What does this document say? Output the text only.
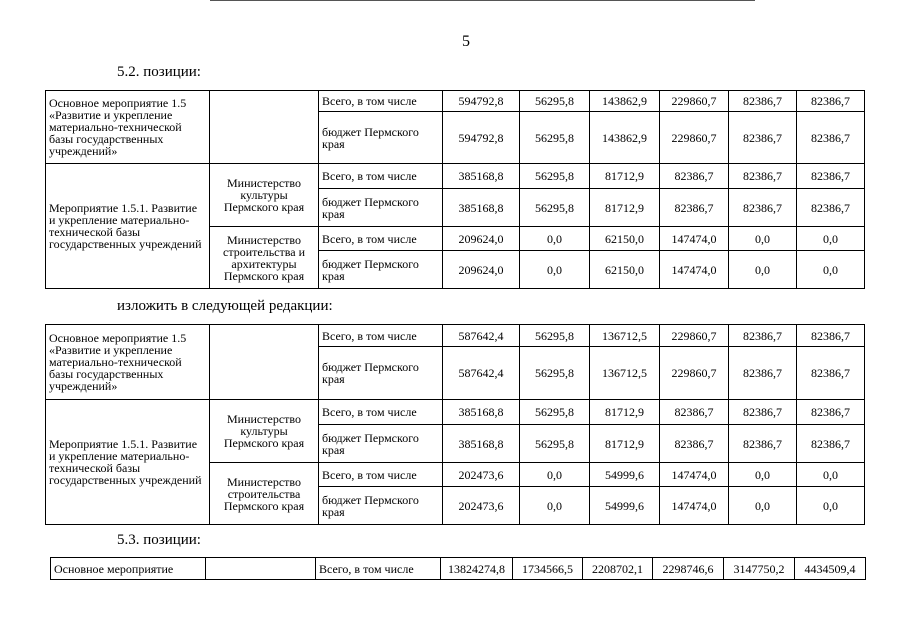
5
5.2. позиции:
Основное мероприятие 1.5 «Развитие и укрепление материально-технической базы государственных учреждений»		Всего, в том числе	594792,8	56295,8	143862,9	229860,7	82386,7	82386,7
		бюджет Пермского края	594792,8	56295,8	143862,9	229860,7	82386,7	82386,7
Мероприятие 1.5.1. Развитие и укрепление материально-технической базы государственных учреждений	Министерство культуры Пермского края	Всего, в том числе	385168,8	56295,8	81712,9	82386,7	82386,7	82386,7
		бюджет Пермского края	385168,8	56295,8	81712,9	82386,7	82386,7	82386,7
	Министерство строительства и архитектуры Пермского края	Всего, в том числе	209624,0	0,0	62150,0	147474,0	0,0	0,0
		бюджет Пермского края	209624,0	0,0	62150,0	147474,0	0,0	0,0
изложить в следующей редакции:
Основное мероприятие 1.5 «Развитие и укрепление материально-технической базы государственных учреждений»		Всего, в том числе	587642,4	56295,8	136712,5	229860,7	82386,7	82386,7
		бюджет Пермского края	587642,4	56295,8	136712,5	229860,7	82386,7	82386,7
Мероприятие 1.5.1. Развитие и укрепление материально-технической базы государственных учреждений	Министерство культуры Пермского края	Всего, в том числе	385168,8	56295,8	81712,9	82386,7	82386,7	82386,7
		бюджет Пермского края	385168,8	56295,8	81712,9	82386,7	82386,7	82386,7
	Министерство строительства Пермского края	Всего, в том числе	202473,6	0,0	54999,6	147474,0	0,0	0,0
		бюджет Пермского края	202473,6	0,0	54999,6	147474,0	0,0	0,0
5.3. позиции:
Основное мероприятие		Всего, в том числе	13824274,8	1734566,5	2208702,1	2298746,6	3147750,2	4434509,4
